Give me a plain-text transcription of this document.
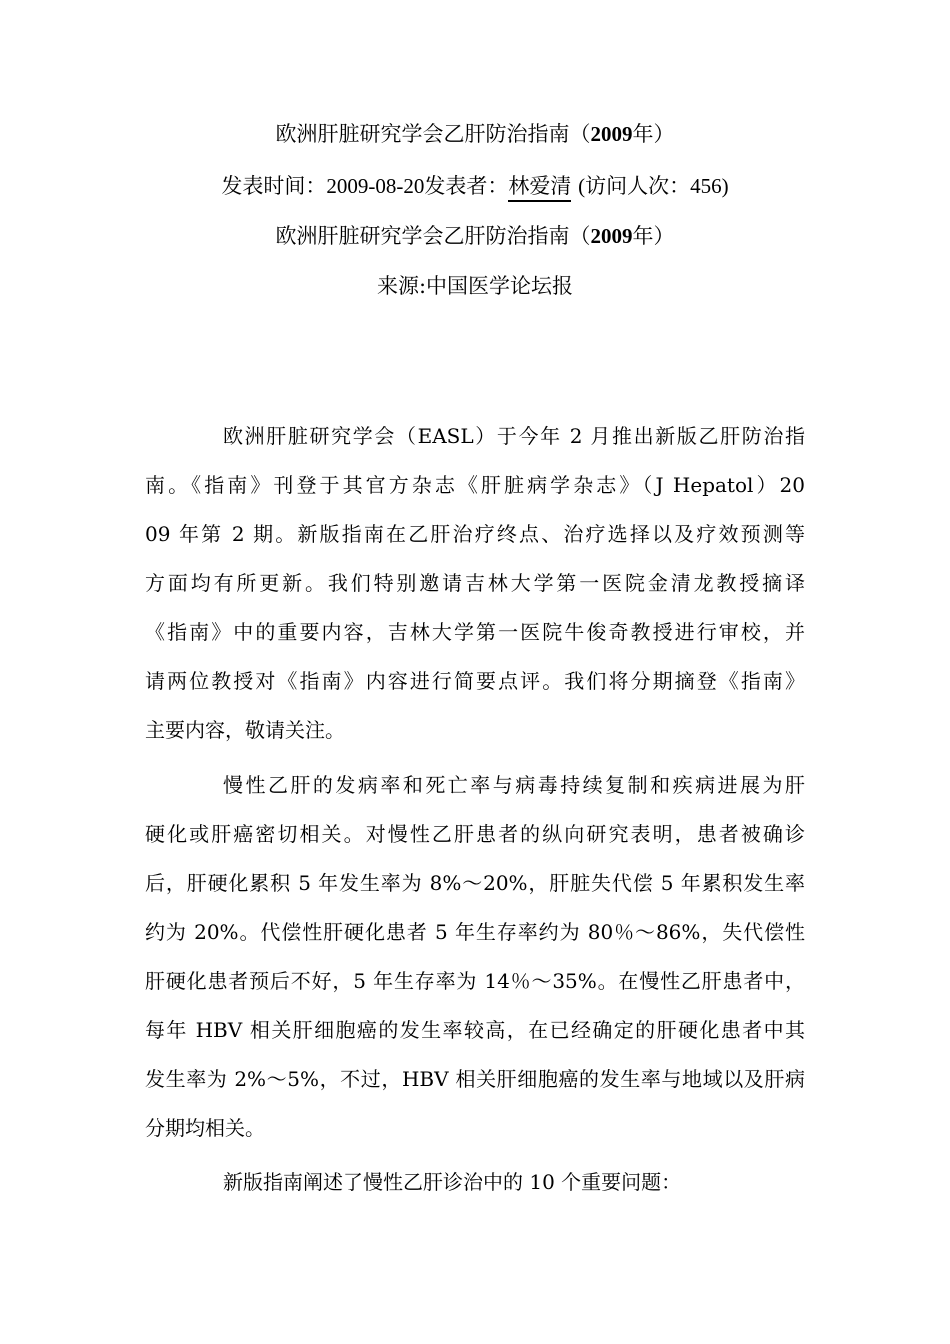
欧洲肝脏研究学会乙肝防治指南（2009年）
发表时间：2009-08-20发表者：林爱清 (访问人次：456)
欧洲肝脏研究学会乙肝防治指南（2009年）
来源:中国医学论坛报
欧洲肝脏研究学会（EASL）于今年 2 月推出新版乙肝防治指
南。《指南》刊登于其官方杂志《肝脏病学杂志》（J Hepatol）20
09 年第 2 期。新版指南在乙肝治疗终点、治疗选择以及疗效预测等
方面均有所更新。我们特别邀请吉林大学第一医院金清龙教授摘译
《指南》中的重要内容，吉林大学第一医院牛俊奇教授进行审校，并
请两位教授对《指南》内容进行简要点评。我们将分期摘登《指南》
主要内容，敬请关注。
慢性乙肝的发病率和死亡率与病毒持续复制和疾病进展为肝
硬化或肝癌密切相关。对慢性乙肝患者的纵向研究表明，患者被确诊
后，肝硬化累积 5 年发生率为 8%～20%，肝脏失代偿 5 年累积发生率
约为 20%。代偿性肝硬化患者 5 年生存率约为 80％～86%，失代偿性
肝硬化患者预后不好，5 年生存率为 14％～35%。在慢性乙肝患者中，
每年 HBV 相关肝细胞癌的发生率较高，在已经确定的肝硬化患者中其
发生率为 2%～5%，不过，HBV 相关肝细胞癌的发生率与地域以及肝病
分期均相关。
新版指南阐述了慢性乙肝诊治中的 10 个重要问题：
